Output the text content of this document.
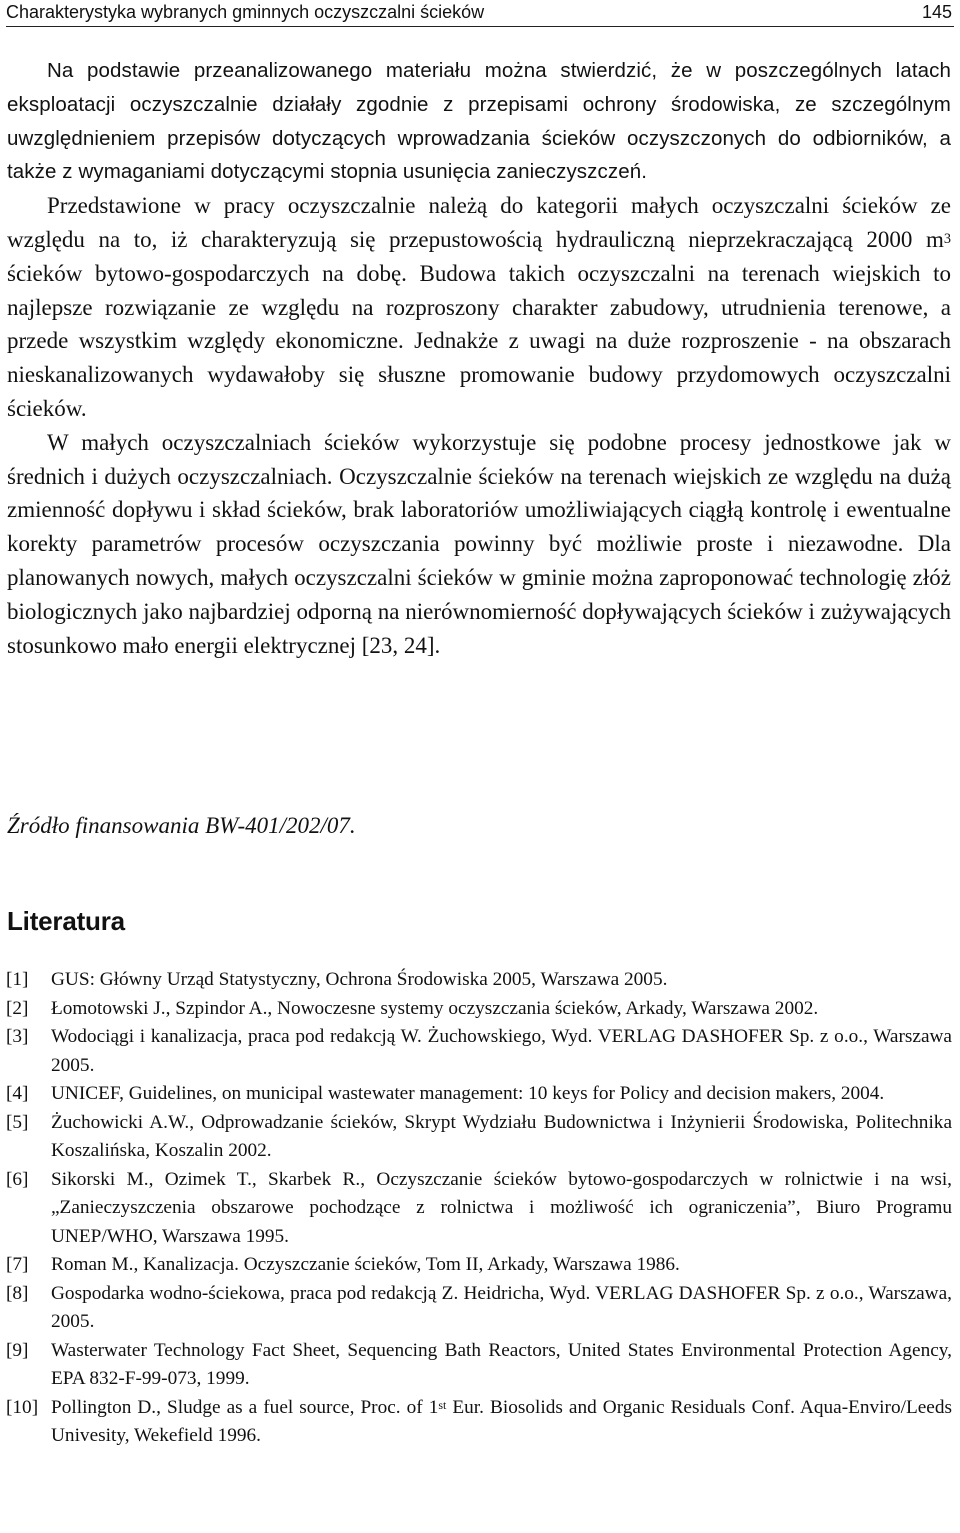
Charakterystyka wybranych gminnych oczyszczalni ścieków	145

Na podstawie przeanalizowanego materiału można stwierdzić, że w poszczególnych latach eksploatacji oczyszczalnie działały zgodnie z przepisami ochrony środowiska, ze szczególnym uwzględnieniem przepisów dotyczących wprowadzania ścieków oczyszczonych do odbiorników, a także z wymaganiami dotyczącymi stopnia usunięcia zanieczyszczeń.

Przedstawione w pracy oczyszczalnie należą do kategorii małych oczyszczalni ścieków ze względu na to, iż charakteryzują się przepustowością hydrauliczną nieprzekraczającą 2000 $m^3$ ścieków bytowo-gospodarczych na dobę. Budowa takich oczyszczalni na terenach wiejskich to najlepsze rozwiązanie ze względu na rozproszony charakter zabudowy, utrudnienia terenowe, a przede wszystkim względy ekonomiczne. Jednakże z uwagi na duże rozproszenie - na obszarach nieskanalizowanych wydawałoby się słuszne promowanie budowy przydomowych oczyszczalni ścieków.

W małych oczyszczalniach ścieków wykorzystuje się podobne procesy jednostkowe jak w średnich i dużych oczyszczalniach. Oczyszczalnie ścieków na terenach wiejskich ze względu na dużą zmienność dopływu i skład ścieków, brak laboratoriów umożliwiających ciągłą kontrolę i ewentualne korekty parametrów procesów oczyszczania powinny być możliwie proste i niezawodne. Dla planowanych nowych, małych oczyszczalni ścieków w gminie można zaproponować technologię złóż biologicznych jako najbardziej odporną na nierównomierność dopływających ścieków i zużywających stosunkowo mało energii elektrycznej [23, 24].

Źródło finansowania BW-401/202/07.
Literatura
[1] GUS: Główny Urząd Statystyczny, Ochrona Środowiska 2005, Warszawa 2005.
[2] Łomotowski J., Szpindor A., Nowoczesne systemy oczyszczania ścieków, Arkady, Warszawa 2002.
[3] Wodociągi i kanalizacja, praca pod redakcją W. Żuchowskiego, Wyd. VERLAG DASHOFER Sp. z o.o., Warszawa 2005.
[4] UNICEF, Guidelines, on municipal wastewater management: 10 keys for Policy and decision makers, 2004.
[5] Żuchowicki A.W., Odprowadzanie ścieków, Skrypt Wydziału Budownictwa i Inżynierii Środowiska, Politechnika Koszalińska, Koszalin 2002.
[6] Sikorski M., Ozimek T., Skarbek R., Oczyszczanie ścieków bytowo-gospodarczych w rolnictwie i na wsi, „Zanieczyszczenia obszarowe pochodzące z rolnictwa i możliwość ich ograniczenia”, Biuro Programu UNEP/WHO, Warszawa 1995.
[7] Roman M., Kanalizacja. Oczyszczanie ścieków, Tom II, Arkady, Warszawa 1986.
[8] Gospodarka wodno-ściekowa, praca pod redakcją Z. Heidricha, Wyd. VERLAG DASHOFER Sp. z o.o., Warszawa, 2005.
[9] Wasterwater Technology Fact Sheet, Sequencing Bath Reactors, United States Environmental Protection Agency, EPA 832-F-99-073, 1999.
[10] Pollington D., Sludge as a fuel source, Proc. of 1st Eur. Biosolids and Organic Residuals Conf. Aqua-Enviro/Leeds Univesity, Wekefield 1996.
